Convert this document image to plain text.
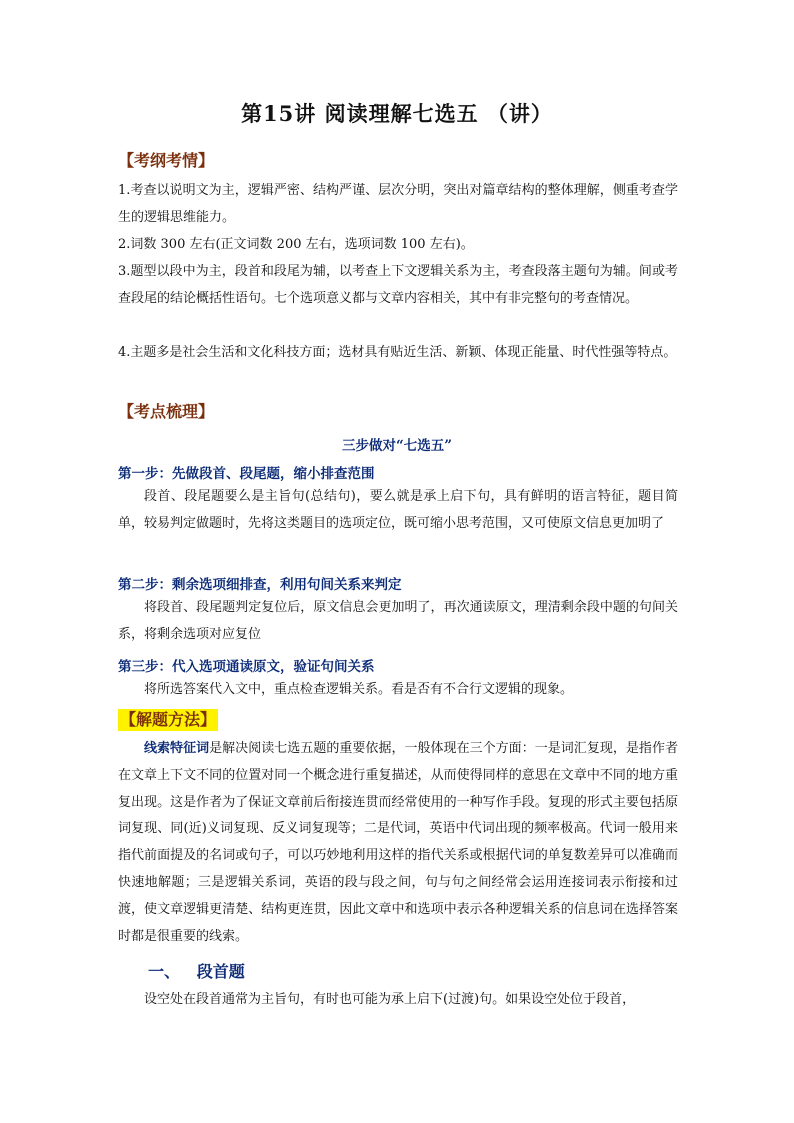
第15讲 阅读理解七选五 （讲）
【考纲考情】
1.考查以说明文为主，逻辑严密、结构严谨、层次分明，突出对篇章结构的整体理解，侧重考查学生的逻辑思维能力。
2.词数 300 左右(正文词数 200 左右，选项词数 100 左右)。
3.题型以段中为主，段首和段尾为辅，以考查上下文逻辑关系为主，考查段落主题句为辅。间或考查段尾的结论概括性语句。七个选项意义都与文章内容相关，其中有非完整句的考查情况。
4.主题多是社会生活和文化科技方面；选材具有贴近生活、新颖、体现正能量、时代性强等特点。
【考点梳理】
三步做对“七选五”
第一步：先做段首、段尾题，缩小排查范围
段首、段尾题要么是主旨句(总结句)，要么就是承上启下句，具有鲜明的语言特征，题目简单，较易判定做题时，先将这类题目的选项定位，既可缩小思考范围，又可使原文信息更加明了
第二步：剩余选项细排查，利用句间关系来判定
将段首、段尾题判定复位后，原文信息会更加明了，再次通读原文，理清剩余段中题的句间关系，将剩余选项对应复位
第三步：代入选项通读原文，验证句间关系
将所选答案代入文中，重点检查逻辑关系。看是否有不合行文逻辑的现象。
【解题方法】
线索特征词是解决阅读七选五题的重要依据，一般体现在三个方面：一是词汇复现，是指作者在文章上下文不同的位置对同一个概念进行重复描述，从而使得同样的意思在文章中不同的地方重复出现。这是作者为了保证文章前后衔接连贯而经常使用的一种写作手段。复现的形式主要包括原词复现、同(近)义词复现、反义词复现等；二是代词，英语中代词出现的频率极高。代词一般用来指代前面提及的名词或句子，可以巧妙地利用这样的指代关系或根据代词的单复数差异可以准确而快速地解题；三是逻辑关系词，英语的段与段之间，句与句之间经常会运用连接词表示衔接和过渡，使文章逻辑更清楚、结构更连贯，因此文章中和选项中表示各种逻辑关系的信息词在选择答案时都是很重要的线索。
一、 段首题
设空处在段首通常为主旨句，有时也可能为承上启下(过渡)句。如果设空处位于段首，
